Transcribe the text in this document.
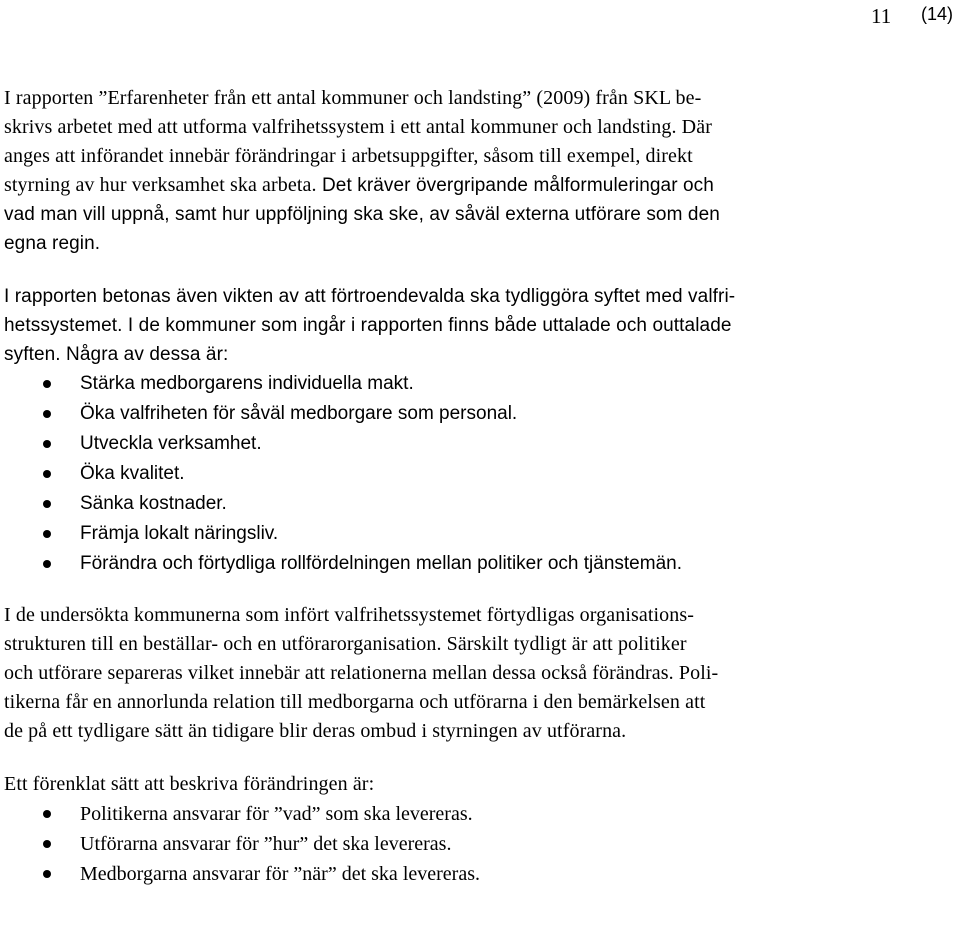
11 (14)

I rapporten ”Erfarenheter från ett antal kommuner och landsting” (2009) från SKL be-
skrivs arbetet med att utforma valfrihetssystem i ett antal kommuner och landsting. Där
anges att införandet innebär förändringar i arbetsuppgifter, såsom till exempel, direkt
styrning av hur verksamhet ska arbeta. Det kräver övergripande målformuleringar och
vad man vill uppnå, samt hur uppföljning ska ske, av såväl externa utförare som den
egna regin.

I rapporten betonas även vikten av att förtroendevalda ska tydliggöra syftet med valfri-
hetssystemet. I de kommuner som ingår i rapporten finns både uttalade och outtalade
syften. Några av dessa är:

Stärka medborgarens individuella makt.
Öka valfriheten för såväl medborgare som personal.
Utveckla verksamhet.
Öka kvalitet.
Sänka kostnader.
Främja lokalt näringsliv.
Förändra och förtydliga rollfördelningen mellan politiker och tjänstemän.

I de undersökta kommunerna som infört valfrihetssystemet förtydligas organisations-
strukturen till en beställar- och en utförarorganisation. Särskilt tydligt är att politiker
och utförare separeras vilket innebär att relationerna mellan dessa också förändras. Poli-
tikerna får en annorlunda relation till medborgarna och utförarna i den bemärkelsen att
de på ett tydligare sätt än tidigare blir deras ombud i styrningen av utförarna.

Ett förenklat sätt att beskriva förändringen är:

Politikerna ansvarar för ”vad” som ska levereras.
Utförarna ansvarar för ”hur” det ska levereras.
Medborgarna ansvarar för ”när” det ska levereras.
